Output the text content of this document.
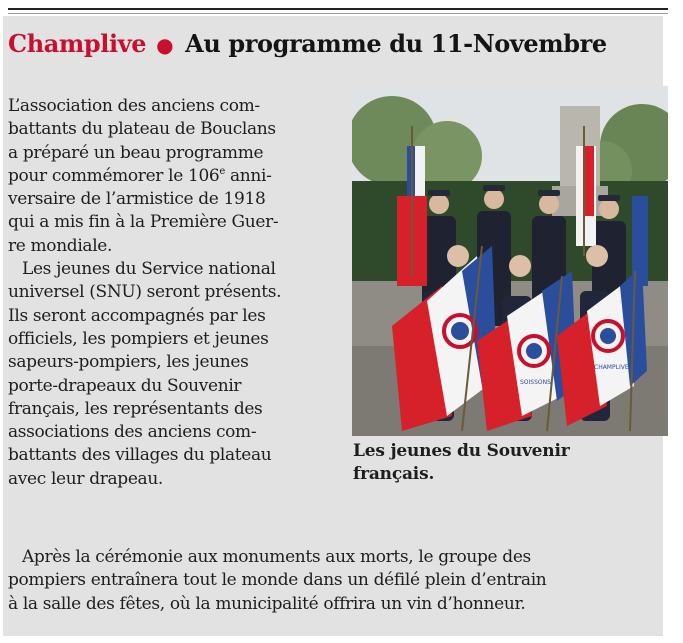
Champlive ● Au programme du 11-Novembre
L’association des anciens com-
battants du plateau de Bouclans
a préparé un beau programme
pour commémorer le 106e anni-
versaire de l’armistice de 1918
qui a mis fin à la Première Guer-
re mondiale.
Les jeunes du Service national
universel (SNU) seront présents.
Ils seront accompagnés par les
officiels, les pompiers et jeunes
sapeurs-pompiers, les jeunes
porte-drapeaux du Souvenir
français, les représentants des
associations des anciens com-
battants des villages du plateau
avec leur drapeau.
Après la cérémonie aux monuments aux morts, le groupe des
pompiers entraînera tout le monde dans un défilé plein d’entrain
à la salle des fêtes, où la municipalité offrira un vin d’honneur.
SOISSONS
CHAMPLIVE
Les jeunes du Souvenir
français.
